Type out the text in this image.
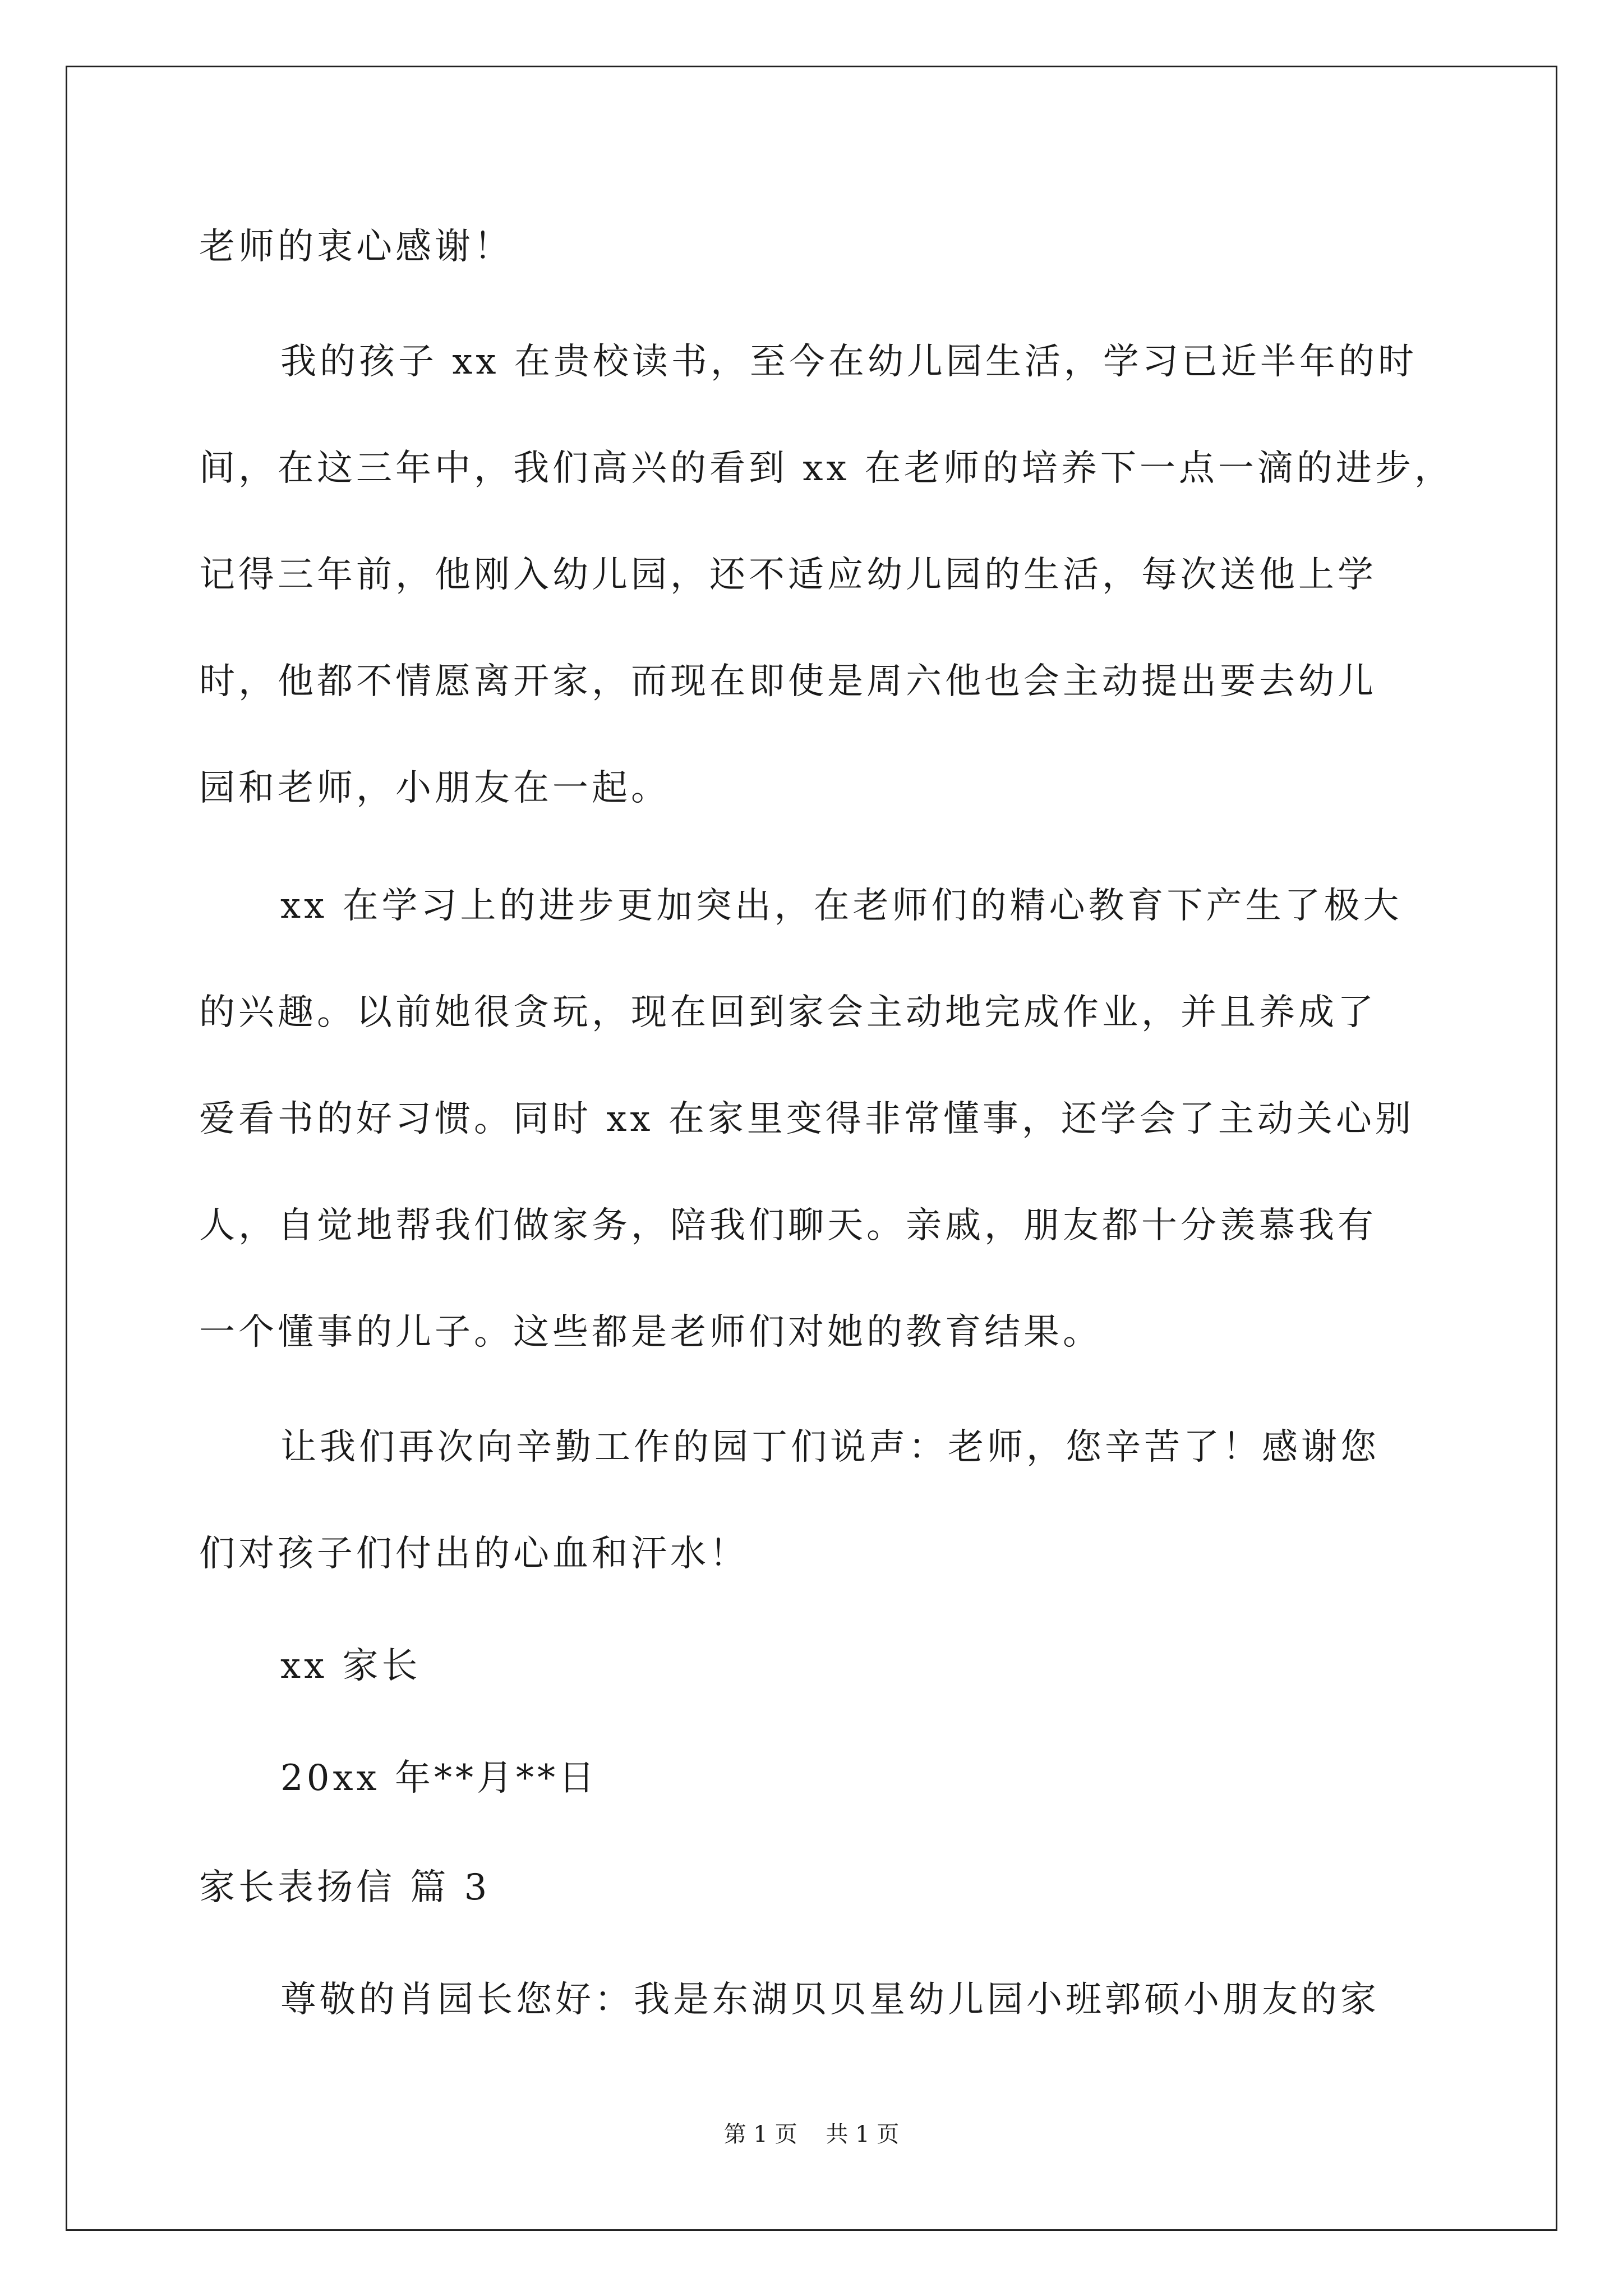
老师的衷心感谢！
我的孩子 xx 在贵校读书，至今在幼儿园生活，学习已近半年的时
间，在这三年中，我们高兴的看到 xx 在老师的培养下一点一滴的进步，
记得三年前，他刚入幼儿园，还不适应幼儿园的生活，每次送他上学
时，他都不情愿离开家，而现在即使是周六他也会主动提出要去幼儿
园和老师，小朋友在一起。
xx 在学习上的进步更加突出，在老师们的精心教育下产生了极大
的兴趣。以前她很贪玩，现在回到家会主动地完成作业，并且养成了
爱看书的好习惯。同时 xx 在家里变得非常懂事，还学会了主动关心别
人，自觉地帮我们做家务，陪我们聊天。亲戚，朋友都十分羡慕我有
一个懂事的儿子。这些都是老师们对她的教育结果。
让我们再次向辛勤工作的园丁们说声：老师，您辛苦了！感谢您
们对孩子们付出的心血和汗水！
xx 家长
20xx 年**月**日
家长表扬信 篇 3
尊敬的肖园长您好：我是东湖贝贝星幼儿园小班郭硕小朋友的家
第 1 页    共 1 页
